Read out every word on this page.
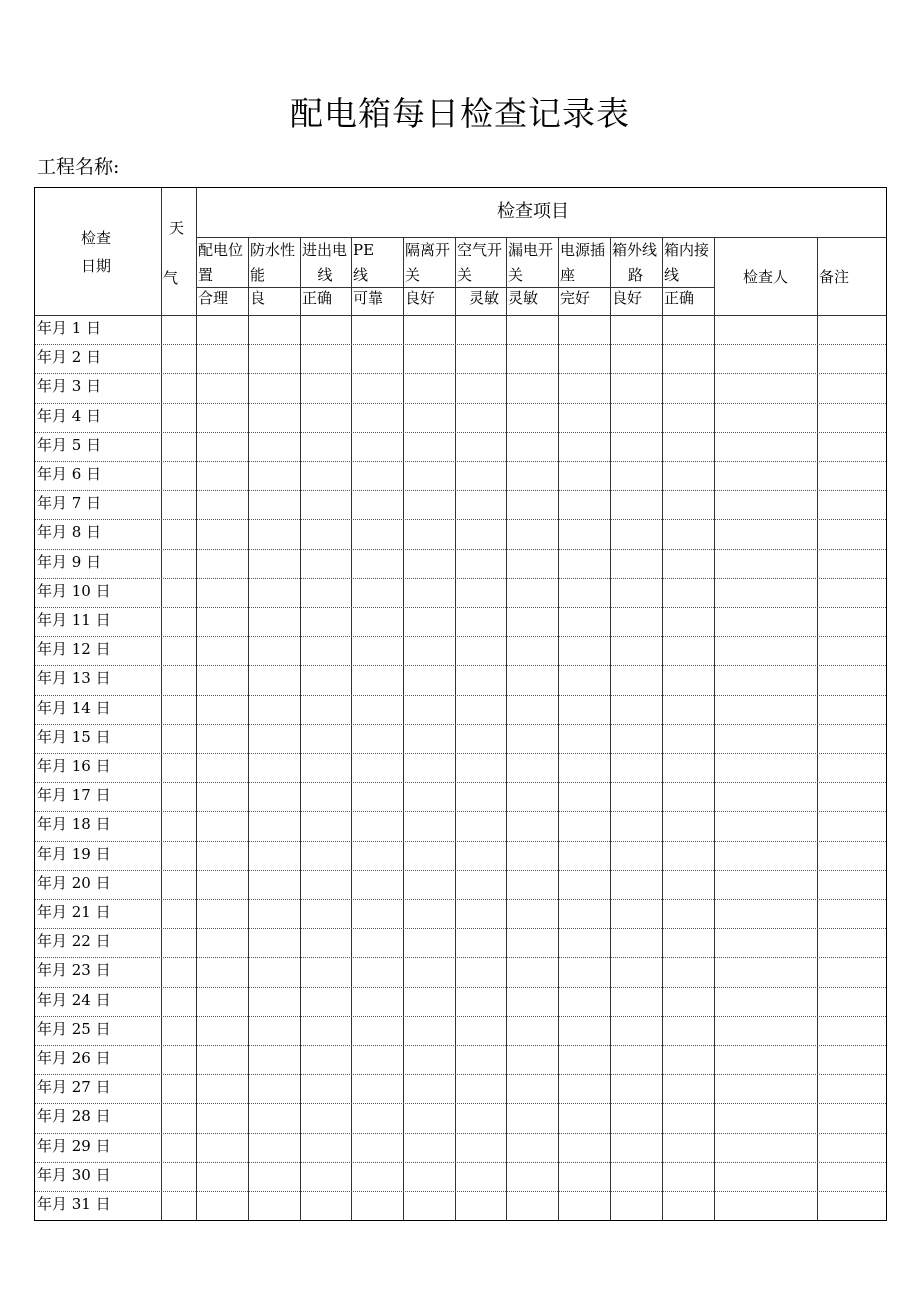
配电箱每日检查记录表
工程名称:
检查
日期
天
气
检查项目
检查人 备注
配电位
置
合理
防水性
能
良
进出电
线
正确
PE
线
可靠
隔离开
关
良好
空气开
关
灵敏
漏电开
关
灵敏
电源插
座
完好
箱外线
路
良好
箱内接
线
正确
年月 1 日
年月 2 日
年月 3 日
年月 4 日
年月 5 日
年月 6 日
年月 7 日
年月 8 日
年月 9 日
年月 10 日
年月 11 日
年月 12 日
年月 13 日
年月 14 日
年月 15 日
年月 16 日
年月 17 日
年月 18 日
年月 19 日
年月 20 日
年月 21 日
年月 22 日
年月 23 日
年月 24 日
年月 25 日
年月 26 日
年月 27 日
年月 28 日
年月 29 日
年月 30 日
年月 31 日
